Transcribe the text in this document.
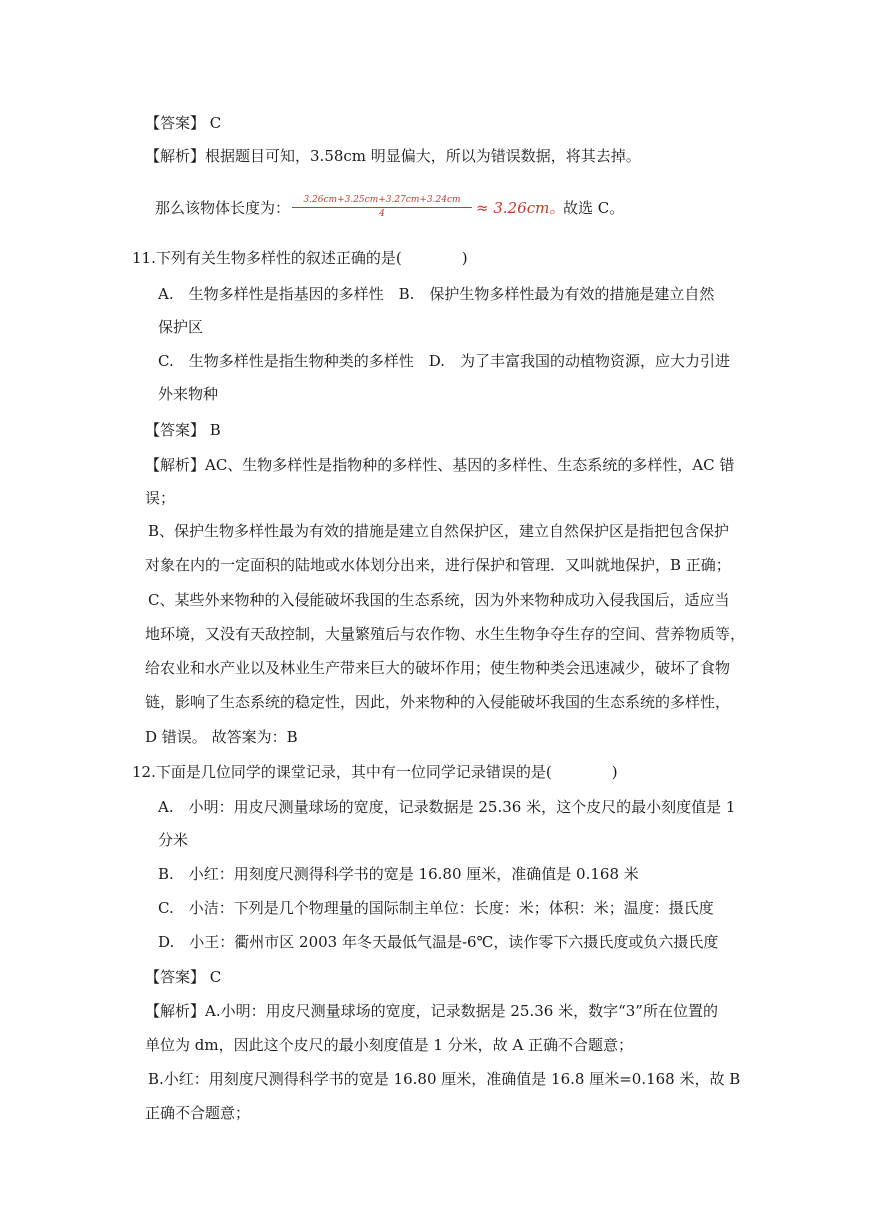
【答案】 C
【解析】根据题目可知，3.58cm 明显偏大，所以为错误数据，将其去掉。
那么该物体长度为：
11.下列有关生物多样性的叙述正确的是(　　　　)
A.　生物多样性是指基因的多样性　B.　保护生物多样性最为有效的措施是建立自然
保护区
C.　生物多样性是指生物种类的多样性　D.　为了丰富我国的动植物资源，应大力引进
外来物种
【答案】 B
【解析】AC、生物多样性是指物种的多样性、基因的多样性、生态系统的多样性，AC 错
误；
B、保护生物多样性最为有效的措施是建立自然保护区，建立自然保护区是指把包含保护
对象在内的一定面积的陆地或水体划分出来，进行保护和管理．又叫就地保护，B 正确；
C、某些外来物种的入侵能破坏我国的生态系统，因为外来物种成功入侵我国后，适应当
地环境，又没有天敌控制，大量繁殖后与农作物、水生生物争夺生存的空间、营养物质等，
给农业和水产业以及林业生产带来巨大的破坏作用；使生物种类会迅速减少，破坏了食物
链，影响了生态系统的稳定性，因此，外来物种的入侵能破坏我国的生态系统的多样性，
D 错误。 故答案为：B
12.下面是几位同学的课堂记录，其中有一位同学记录错误的是(　　　　)
A.　小明：用皮尺测量球场的宽度，记录数据是 25.36 米，这个皮尺的最小刻度值是 1
分米
B.　小红：用刻度尺测得科学书的宽是 16.80 厘米，准确值是 0.168 米
C.　小洁：下列是几个物理量的国际制主单位：长度：米；体积：米；温度：摄氏度
D.　小王：衢州市区 2003 年冬天最低气温是-6℃，读作零下六摄氏度或负六摄氏度
【答案】 C
【解析】A.小明：用皮尺测量球场的宽度，记录数据是 25.36 米，数字“3”所在位置的
单位为 dm，因此这个皮尺的最小刻度值是 1 分米，故 A 正确不合题意；
B.小红：用刻度尺测得科学书的宽是 16.80 厘米，准确值是 16.8 厘米=0.168 米，故 B
正确不合题意；
$\frac{3.26cm+3.25cm+3.27cm+3.24cm}{4} \approx 3.26cm$。
故选 C。
